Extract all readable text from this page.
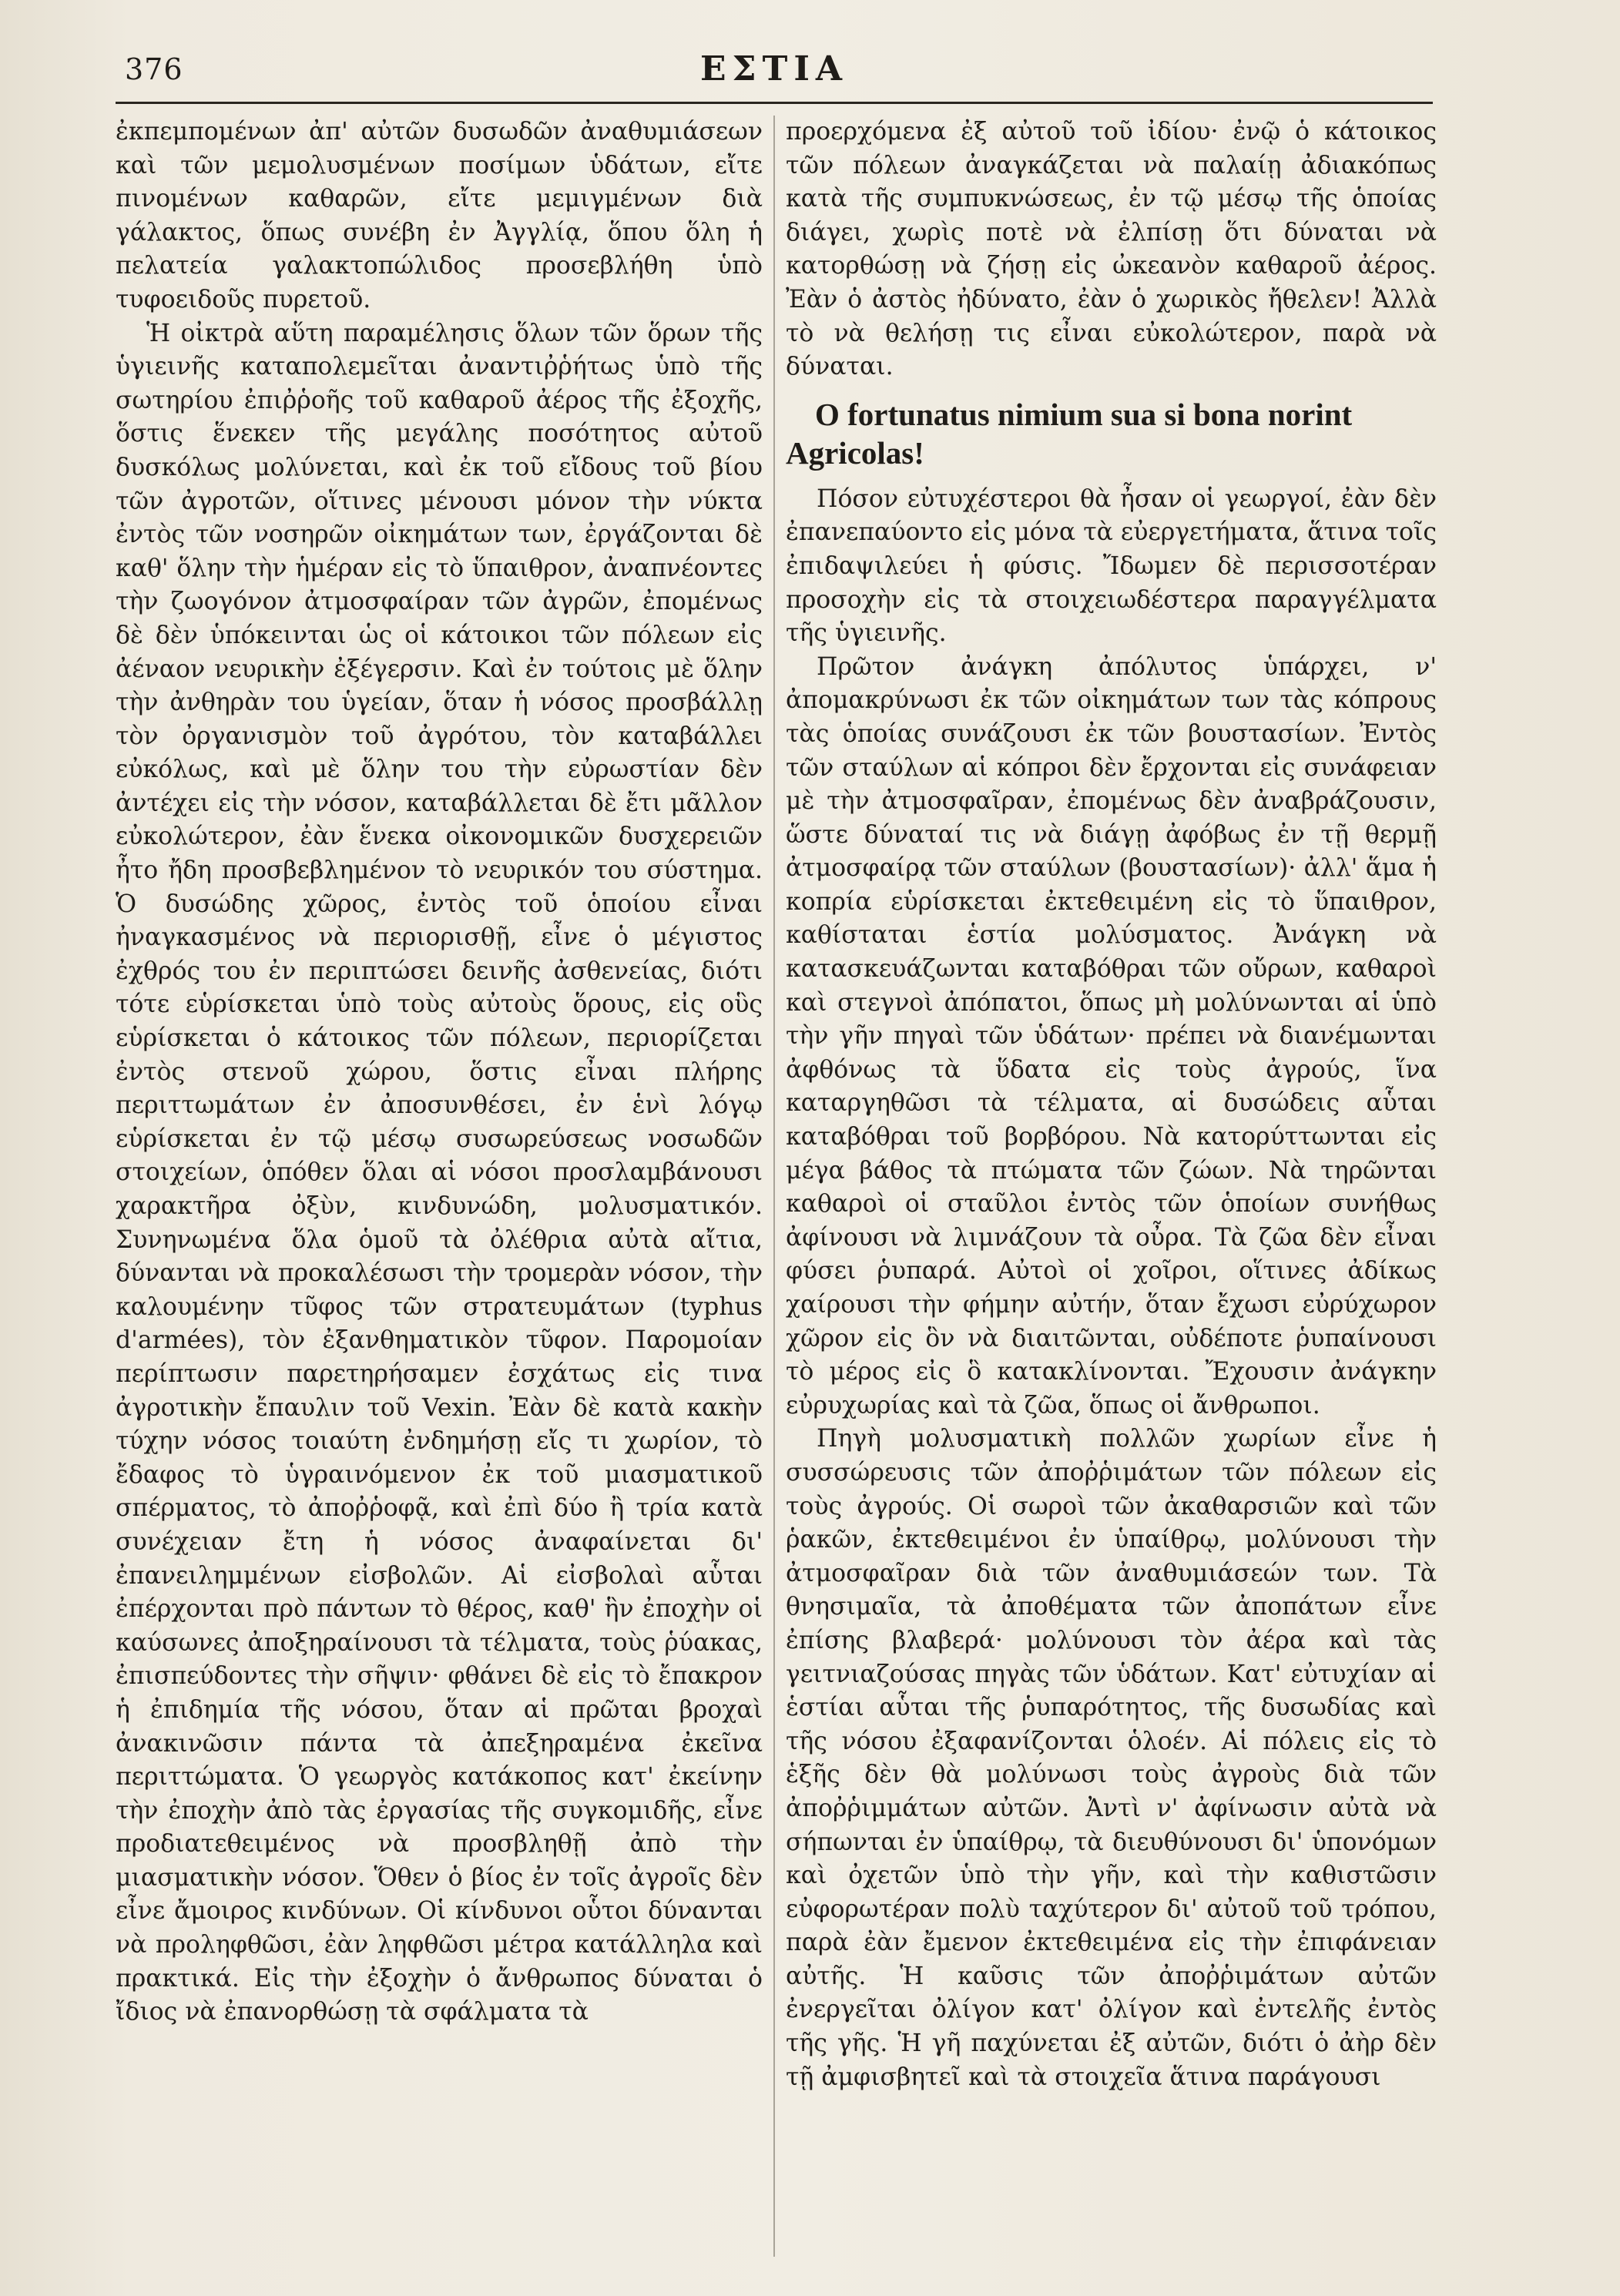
376	ΕΣΤΙΑ

ἐκπεμπομένων ἀπ' αὐτῶν δυσωδῶν ἀναθυμιάσεων καὶ τῶν μεμολυσμένων ποσίμων ὑδάτων, εἴτε πινομένων καθαρῶν, εἴτε μεμιγμένων διὰ γάλακτος, ὅπως συνέβη ἐν Ἀγγλίᾳ, ὅπου ὅλη ἡ πελατεία γαλακτοπώλιδος προσεβλήθη ὑπὸ τυφοειδοῦς πυρετοῦ.

Ἡ οἰκτρὰ αὕτη παραμέλησις ὅλων τῶν ὅρων τῆς ὑγιεινῆς καταπολεμεῖται ἀναντιῤῥήτως ὑπὸ τῆς σωτηρίου ἐπιῤῥοῆς τοῦ καθαροῦ ἀέρος τῆς ἐξοχῆς, ὅστις ἕνεκεν τῆς μεγάλης ποσότητος αὐτοῦ δυσκόλως μολύνεται, καὶ ἐκ τοῦ εἴδους τοῦ βίου τῶν ἀγροτῶν, οἵτινες μένουσι μόνον τὴν νύκτα ἐντὸς τῶν νοσηρῶν οἰκημάτων των, ἐργάζονται δὲ καθ' ὅλην τὴν ἡμέραν εἰς τὸ ὕπαιθρον, ἀναπνέοντες τὴν ζωογόνον ἀτμοσφαίραν τῶν ἀγρῶν, ἐπομένως δὲ δὲν ὑπόκεινται ὡς οἱ κάτοικοι τῶν πόλεων εἰς ἀέναον νευρικὴν ἐξέγερσιν. Καὶ ἐν τούτοις μὲ ὅλην τὴν ἀνθηρὰν του ὑγείαν, ὅταν ἡ νόσος προσβάλλῃ τὸν ὀργανισμὸν τοῦ ἀγρότου, τὸν καταβάλλει εὐκόλως, καὶ μὲ ὅλην του τὴν εὐρωστίαν δὲν ἀντέχει εἰς τὴν νόσον, καταβάλλεται δὲ ἔτι μᾶλλον εὐκολώτερον, ἐὰν ἕνεκα οἰκονομικῶν δυσχερειῶν ἦτο ἤδη προσβεβλημένον τὸ νευρικόν του σύστημα. Ὁ δυσώδης χῶρος, ἐντὸς τοῦ ὁποίου εἶναι ἠναγκασμένος νὰ περιορισθῇ, εἶνε ὁ μέγιστος ἐχθρός του ἐν περιπτώσει δεινῆς ἀσθενείας, διότι τότε εὑρίσκεται ὑπὸ τοὺς αὐτοὺς ὅρους, εἰς οὓς εὑρίσκεται ὁ κάτοικος τῶν πόλεων, περιορίζεται ἐντὸς στενοῦ χώρου, ὅστις εἶναι πλήρης περιττωμάτων ἐν ἀποσυνθέσει, ἐν ἑνὶ λόγῳ εὑρίσκεται ἐν τῷ μέσῳ συσωρεύσεως νοσωδῶν στοιχείων, ὁπόθεν ὅλαι αἱ νόσοι προσλαμβάνουσι χαρακτῆρα ὀξὺν, κινδυνώδη, μολυσματικόν. Συνηνωμένα ὅλα ὁμοῦ τὰ ὀλέθρια αὐτὰ αἴτια, δύνανται νὰ προκαλέσωσι τὴν τρομερὰν νόσον, τὴν καλουμένην τῦφος τῶν στρατευμάτων (typhus d'armées), τὸν ἐξανθηματικὸν τῦφον. Παρομοίαν περίπτωσιν παρετηρήσαμεν ἐσχάτως εἰς τινα ἀγροτικὴν ἔπαυλιν τοῦ Vexin. Ἐὰν δὲ κατὰ κακὴν τύχην νόσος τοιαύτη ἐνδημήσῃ εἴς τι χωρίον, τὸ ἔδαφος τὸ ὑγραινόμενον ἐκ τοῦ μιασματικοῦ σπέρματος, τὸ ἀποῤῥοφᾷ, καὶ ἐπὶ δύο ἢ τρία κατὰ συνέχειαν ἔτη ἡ νόσος ἀναφαίνεται δι' ἐπανειλημμένων εἰσβολῶν. Αἱ εἰσβολαὶ αὗται ἐπέρχονται πρὸ πάντων τὸ θέρος, καθ' ἣν ἐποχὴν οἱ καύσωνες ἀποξηραίνουσι τὰ τέλματα, τοὺς ῥύακας, ἐπισπεύδοντες τὴν σῆψιν· φθάνει δὲ εἰς τὸ ἔπακρον ἡ ἐπιδημία τῆς νόσου, ὅταν αἱ πρῶται βροχαὶ ἀνακινῶσιν πάντα τὰ ἀπεξηραμένα ἐκεῖνα περιττώματα. Ὁ γεωργὸς κατάκοπος κατ' ἐκείνην τὴν ἐποχὴν ἀπὸ τὰς ἐργασίας τῆς συγκομιδῆς, εἶνε προδιατεθειμένος νὰ προσβληθῇ ἀπὸ τὴν μιασματικὴν νόσον. Ὅθεν ὁ βίος ἐν τοῖς ἀγροῖς δὲν εἶνε ἄμοιρος κινδύνων. Οἱ κίνδυνοι οὗτοι δύνανται νὰ προληφθῶσι, ἐὰν ληφθῶσι μέτρα κατάλληλα καὶ πρακτικά. Εἰς τὴν ἐξοχὴν ὁ ἄνθρωπος δύναται ὁ ἴδιος νὰ ἐπανορθώσῃ τὰ σφάλματα τὰ

προερχόμενα ἐξ αὐτοῦ τοῦ ἰδίου· ἐνῷ ὁ κάτοικος τῶν πόλεων ἀναγκάζεται νὰ παλαίῃ ἀδιακόπως κατὰ τῆς συμπυκνώσεως, ἐν τῷ μέσῳ τῆς ὁποίας διάγει, χωρὶς ποτὲ νὰ ἐλπίσῃ ὅτι δύναται νὰ κατορθώσῃ νὰ ζήσῃ εἰς ὠκεανὸν καθαροῦ ἀέρος. Ἐὰν ὁ ἀστὸς ἠδύνατο, ἐὰν ὁ χωρικὸς ἤθελεν! Ἀλλὰ τὸ νὰ θελήσῃ τις εἶναι εὐκολώτερον, παρὰ νὰ δύναται.

O fortunatus nimium sua si bona norint Agricolas!

Πόσον εὐτυχέστεροι θὰ ἦσαν οἱ γεωργοί, ἐὰν δὲν ἐπανεπαύοντο εἰς μόνα τὰ εὐεργετήματα, ἅτινα τοῖς ἐπιδαψιλεύει ἡ φύσις. Ἴδωμεν δὲ περισσοτέραν προσοχὴν εἰς τὰ στοιχειωδέστερα παραγγέλματα τῆς ὑγιεινῆς.

Πρῶτον ἀνάγκη ἀπόλυτος ὑπάρχει, ν' ἀπομακρύνωσι ἐκ τῶν οἰκημάτων των τὰς κόπρους τὰς ὁποίας συνάζουσι ἐκ τῶν βουστασίων. Ἐντὸς τῶν σταύλων αἱ κόπροι δὲν ἔρχονται εἰς συνάφειαν μὲ τὴν ἀτμοσφαῖραν, ἐπομένως δὲν ἀναβράζουσιν, ὥστε δύναταί τις νὰ διάγῃ ἀφόβως ἐν τῇ θερμῇ ἀτμοσφαίρᾳ τῶν σταύλων (βουστασίων)· ἀλλ' ἅμα ἡ κοπρία εὑρίσκεται ἐκτεθειμένη εἰς τὸ ὕπαιθρον, καθίσταται ἑστία μολύσματος. Ἀνάγκη νὰ κατασκευάζωνται καταβόθραι τῶν οὔρων, καθαροὶ καὶ στεγνοὶ ἀπόπατοι, ὅπως μὴ μολύνωνται αἱ ὑπὸ τὴν γῆν πηγαὶ τῶν ὑδάτων· πρέπει νὰ διανέμωνται ἀφθόνως τὰ ὕδατα εἰς τοὺς ἀγρούς, ἵνα καταργηθῶσι τὰ τέλματα, αἱ δυσώδεις αὗται καταβόθραι τοῦ βορβόρου. Νὰ κατορύττωνται εἰς μέγα βάθος τὰ πτώματα τῶν ζώων. Νὰ τηρῶνται καθαροὶ οἱ σταῦλοι ἐντὸς τῶν ὁποίων συνήθως ἀφίνουσι νὰ λιμνάζουν τὰ οὖρα. Τὰ ζῶα δὲν εἶναι φύσει ῥυπαρά. Αὐτοὶ οἱ χοῖροι, οἵτινες ἀδίκως χαίρουσι τὴν φήμην αὐτήν, ὅταν ἔχωσι εὐρύχωρον χῶρον εἰς ὃν νὰ διαιτῶνται, οὐδέποτε ῥυπαίνουσι τὸ μέρος εἰς ὃ κατακλίνονται. Ἔχουσιν ἀνάγκην εὐρυχωρίας καὶ τὰ ζῶα, ὅπως οἱ ἄνθρωποι.

Πηγὴ μολυσματικὴ πολλῶν χωρίων εἶνε ἡ συσσώρευσις τῶν ἀποῤῥιμάτων τῶν πόλεων εἰς τοὺς ἀγρούς. Οἱ σωροὶ τῶν ἀκαθαρσιῶν καὶ τῶν ῥακῶν, ἐκτεθειμένοι ἐν ὑπαίθρῳ, μολύνουσι τὴν ἀτμοσφαῖραν διὰ τῶν ἀναθυμιάσεών των. Τὰ θνησιμαῖα, τὰ ἀποθέματα τῶν ἀποπάτων εἶνε ἐπίσης βλαβερά· μολύνουσι τὸν ἀέρα καὶ τὰς γειτνιαζούσας πηγὰς τῶν ὑδάτων. Κατ' εὐτυχίαν αἱ ἑστίαι αὗται τῆς ῥυπαρότητος, τῆς δυσωδίας καὶ τῆς νόσου ἐξαφανίζονται ὁλοέν. Αἱ πόλεις εἰς τὸ ἑξῆς δὲν θὰ μολύνωσι τοὺς ἀγροὺς διὰ τῶν ἀποῤῥιμμάτων αὐτῶν. Ἀντὶ ν' ἀφίνωσιν αὐτὰ νὰ σήπωνται ἐν ὑπαίθρῳ, τὰ διευθύνουσι δι' ὑπονόμων καὶ ὀχετῶν ὑπὸ τὴν γῆν, καὶ τὴν καθιστῶσιν εὐφορωτέραν πολὺ ταχύτερον δι' αὐτοῦ τοῦ τρόπου, παρὰ ἐὰν ἔμενον ἐκτεθειμένα εἰς τὴν ἐπιφάνειαν αὐτῆς. Ἡ καῦσις τῶν ἀποῤῥιμάτων αὐτῶν ἐνεργεῖται ὀλίγον κατ' ὀλίγον καὶ ἐντελῆς ἐντὸς τῆς γῆς. Ἡ γῆ παχύνεται ἐξ αὐτῶν, διότι ὁ ἀὴρ δὲν τῇ ἀμφισβητεῖ καὶ τὰ στοιχεῖα ἅτινα παράγουσι
